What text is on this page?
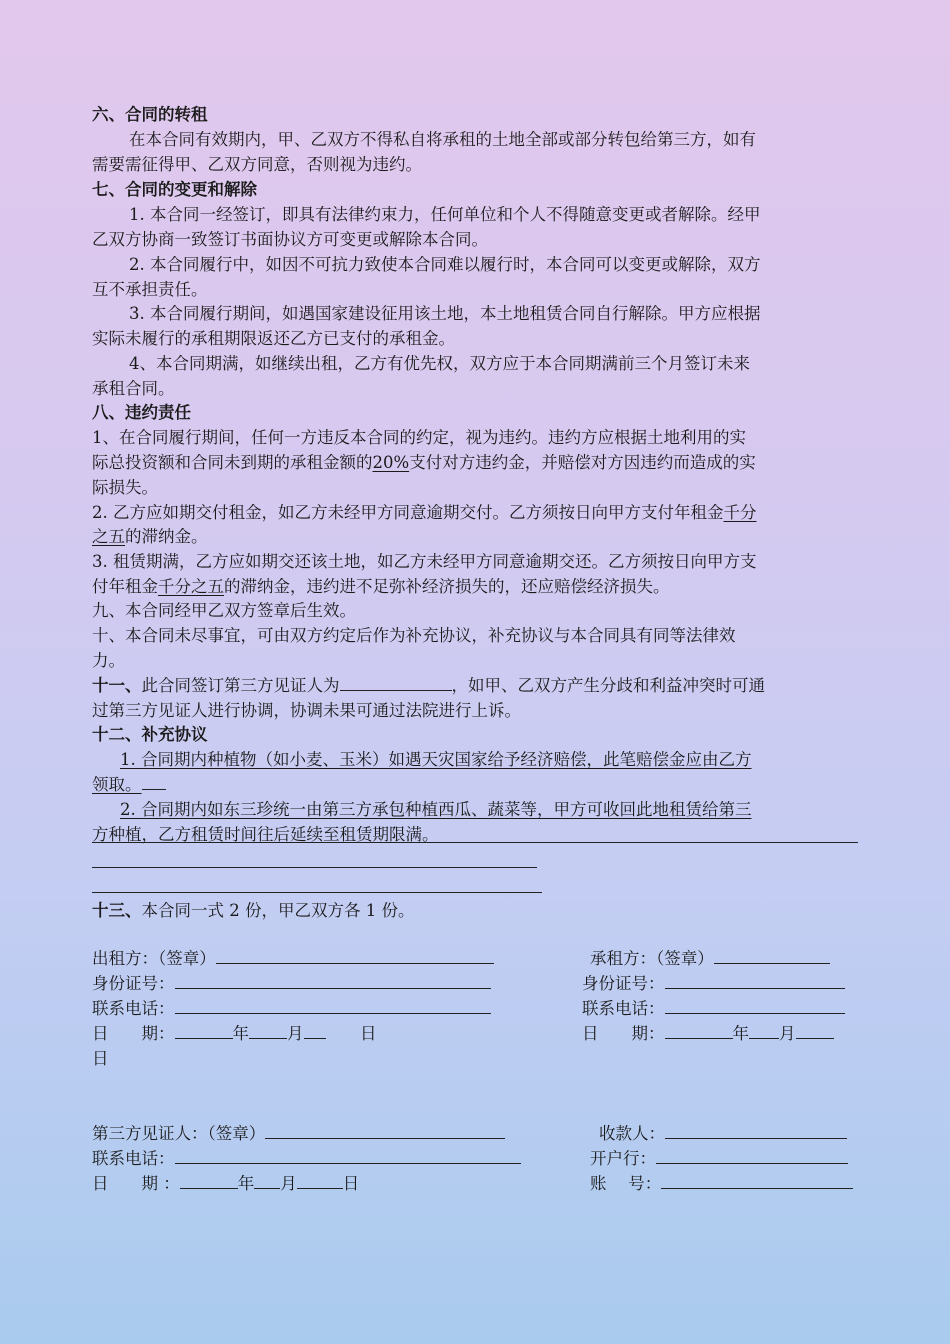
六、合同的转租
在本合同有效期内，甲、乙双方不得私自将承租的土地全部或部分转包给第三方，如有
需要需征得甲、乙双方同意，否则视为违约。
七、合同的变更和解除
1. 本合同一经签订，即具有法律约束力，任何单位和个人不得随意变更或者解除。经甲
乙双方协商一致签订书面协议方可变更或解除本合同。
2. 本合同履行中，如因不可抗力致使本合同难以履行时，本合同可以变更或解除，双方
互不承担责任。
3. 本合同履行期间，如遇国家建设征用该土地，本土地租赁合同自行解除。甲方应根据
实际未履行的承租期限返还乙方已支付的承租金。
4、本合同期满，如继续出租，乙方有优先权，双方应于本合同期满前三个月签订未来
承租合同。
八、违约责任
1、在合同履行期间，任何一方违反本合同的约定，视为违约。违约方应根据土地利用的实
际总投资额和合同未到期的承租金额的20%支付对方违约金，并赔偿对方因违约而造成的实
际损失。
2. 乙方应如期交付租金，如乙方未经甲方同意逾期交付。乙方须按日向甲方支付年租金千分
之五的滞纳金。
3. 租赁期满，乙方应如期交还该土地，如乙方未经甲方同意逾期交还。乙方须按日向甲方支
付年租金千分之五的滞纳金，违约进不足弥补经济损失的，还应赔偿经济损失。
九、本合同经甲乙双方签章后生效。
十、本合同未尽事宜，可由双方约定后作为补充协议，补充协议与本合同具有同等法律效
力。
十一、此合同签订第三方见证人为	，如甲、乙双方产生分歧和利益冲突时可通
过第三方见证人进行协调，协调未果可通过法院进行上诉。
十二、补充协议
1. 合同期内种植物（如小麦、玉米）如遇天灾国家给予经济赔偿，此笔赔偿金应由乙方
领取。
2. 合同期内如东三珍统一由第三方承包种植西瓜、蔬菜等，甲方可收回此地租赁给第三
方种植，乙方租赁时间往后延续至租赁期限满。
十三、本合同一式 2 份，甲乙双方各 1 份。
出租方：（签章）	承租方：（签章）
身份证号：	身份证号：
联系电话：	联系电话：
日　　期：	年 月	日
日
日　　期：	年 月
第三方见证人：（签章）	收款人：
联系电话：	开户行：
日　　期 ：	年 月	日	账　 号：
